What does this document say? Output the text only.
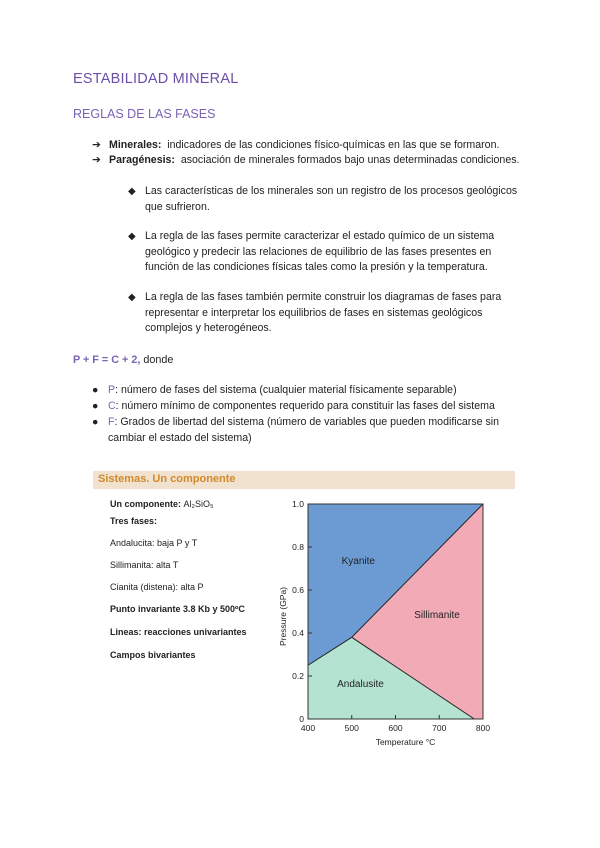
ESTABILIDAD MINERAL
REGLAS DE LAS FASES
➔ Minerales: indicadores de las condiciones físico-químicas en las que se formaron.
➔ Paragénesis: asociación de minerales formados bajo unas determinadas condiciones.
◆ Las características de los minerales son un registro de los procesos geológicos que sufrieron.
◆ La regla de las fases permite caracterizar el estado químico de un sistema geológico y predecir las relaciones de equilibrio de las fases presentes en función de las condiciones físicas tales como la presión y la temperatura.
◆ La regla de las fases también permite construir los diagramas de fases para representar e interpretar los equilibrios de fases en sistemas geológicos complejos y heterogéneos.
P + F = C + 2, donde
● P: número de fases del sistema (cualquier material físicamente separable)
● C: número mínimo de componentes requerido para constituir las fases del sistema
● F: Grados de libertad del sistema (número de variables que pueden modificarse sin cambiar el estado del sistema)
Sistemas. Un componente
Un componente: Al₂SiO₅
Tres fases:
Andalucita: baja P y T
Sillimanita: alta T
Cianita (distena): alta P
Punto invariante 3.8 Kb y 500ºC
Lineas: reacciones univariantes
Campos bivariantes
400	500	600	700	800
0
0.2
0.4
0.6
0.8
1.0
Temperature °C
Pressure (GPa)
Kyanite
Sillimanite
Andalusite
